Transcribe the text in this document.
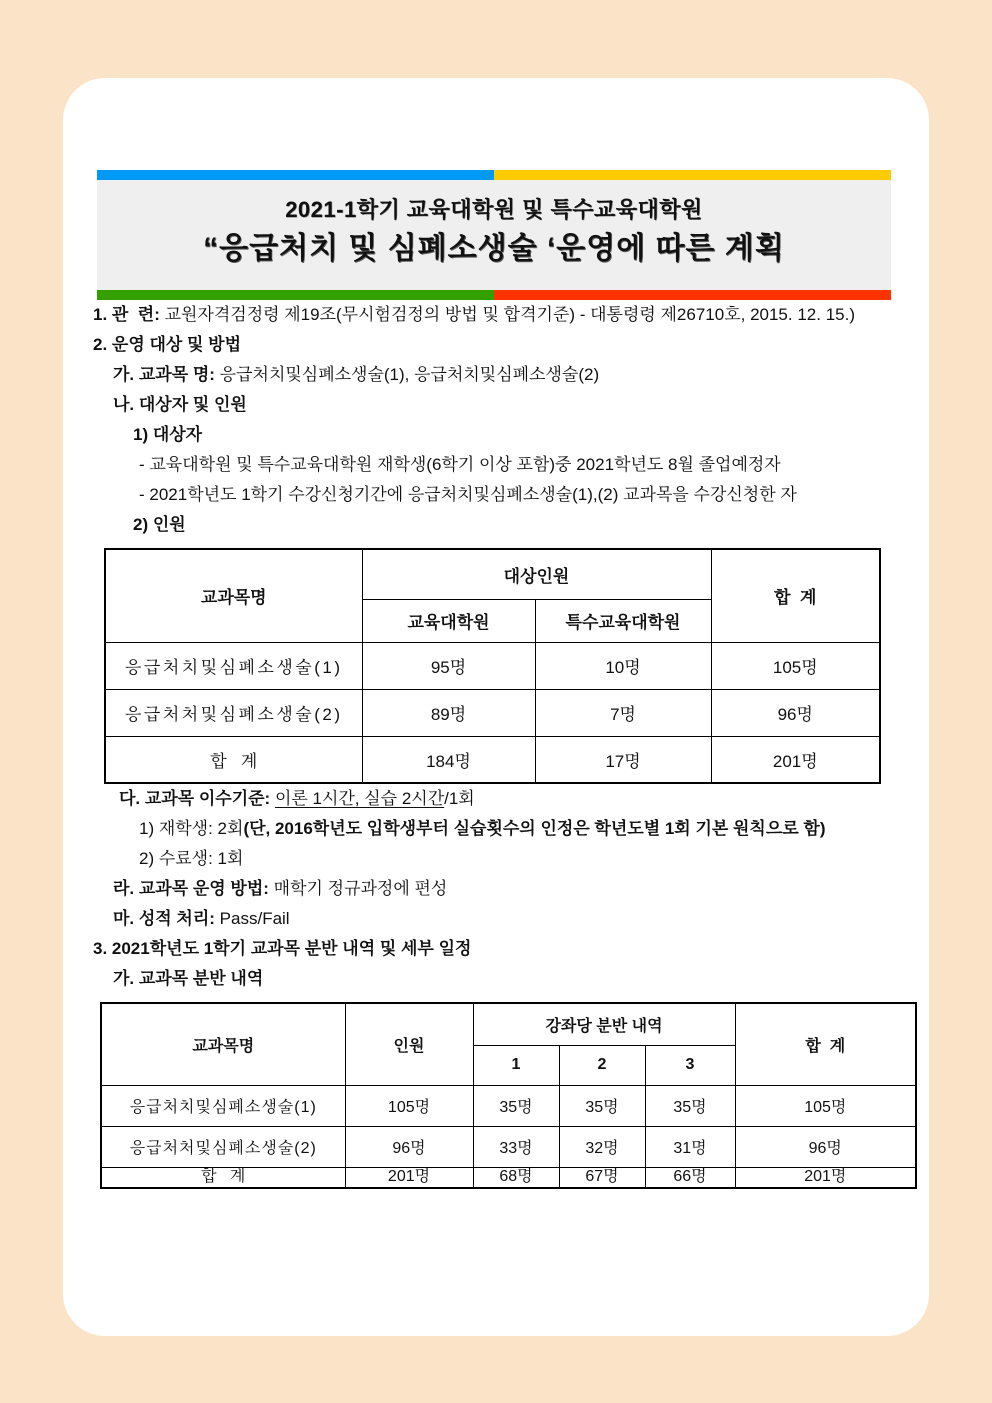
2021-1학기 교육대학원 및 특수교육대학원
“응급처치 및 심폐소생술 ‘운영에 따른 계획

1. 관  련: 교원자격검정령 제19조(무시험검정의 방법 및 합격기준) - 대통령령 제26710호, 2015. 12. 15.)

2. 운영 대상 및 방법

가. 교과목 명: 응급처치및심폐소생술(1), 응급처치및심폐소생술(2)

나. 대상자 및 인원

1) 대상자

- 교육대학원 및 특수교육대학원 재학생(6학기 이상 포함)중 2021학년도 8월 졸업예정자

- 2021학년도 1학기 수강신청기간에 응급처치및심폐소생술(1),(2) 교과목을 수강신청한 자

2) 인원

교과목명	대상인원		합  계
	교육대학원	특수교육대학원	
응급처치및심폐소생술(1)	95명	10명	105명
응급처처및심폐소생술(2)	89명	7명	96명
합   계	184명	17명	201명

다. 교과목 이수기준: 이론 1시간, 실습 2시간/1회

1) 재학생: 2회(단, 2016학년도 입학생부터 실습횟수의 인정은 학년도별 1회 기본 원칙으로 함)

2) 수료생: 1회

라. 교과목 운영 방법: 매학기 정규과정에 편성

마. 성적 처리: Pass/Fail

3. 2021학년도 1학기 교과목 분반 내역 및 세부 일정

가. 교과목 분반 내역

교과목명	인원	강좌당 분반 내역			합  계
		1	2	3	
응급처치및심폐소생술(1)	105명	35명	35명	35명	105명
응급처처및심폐소생술(2)	96명	33명	32명	31명	96명
합   계	201명	68명	67명	66명	201명
